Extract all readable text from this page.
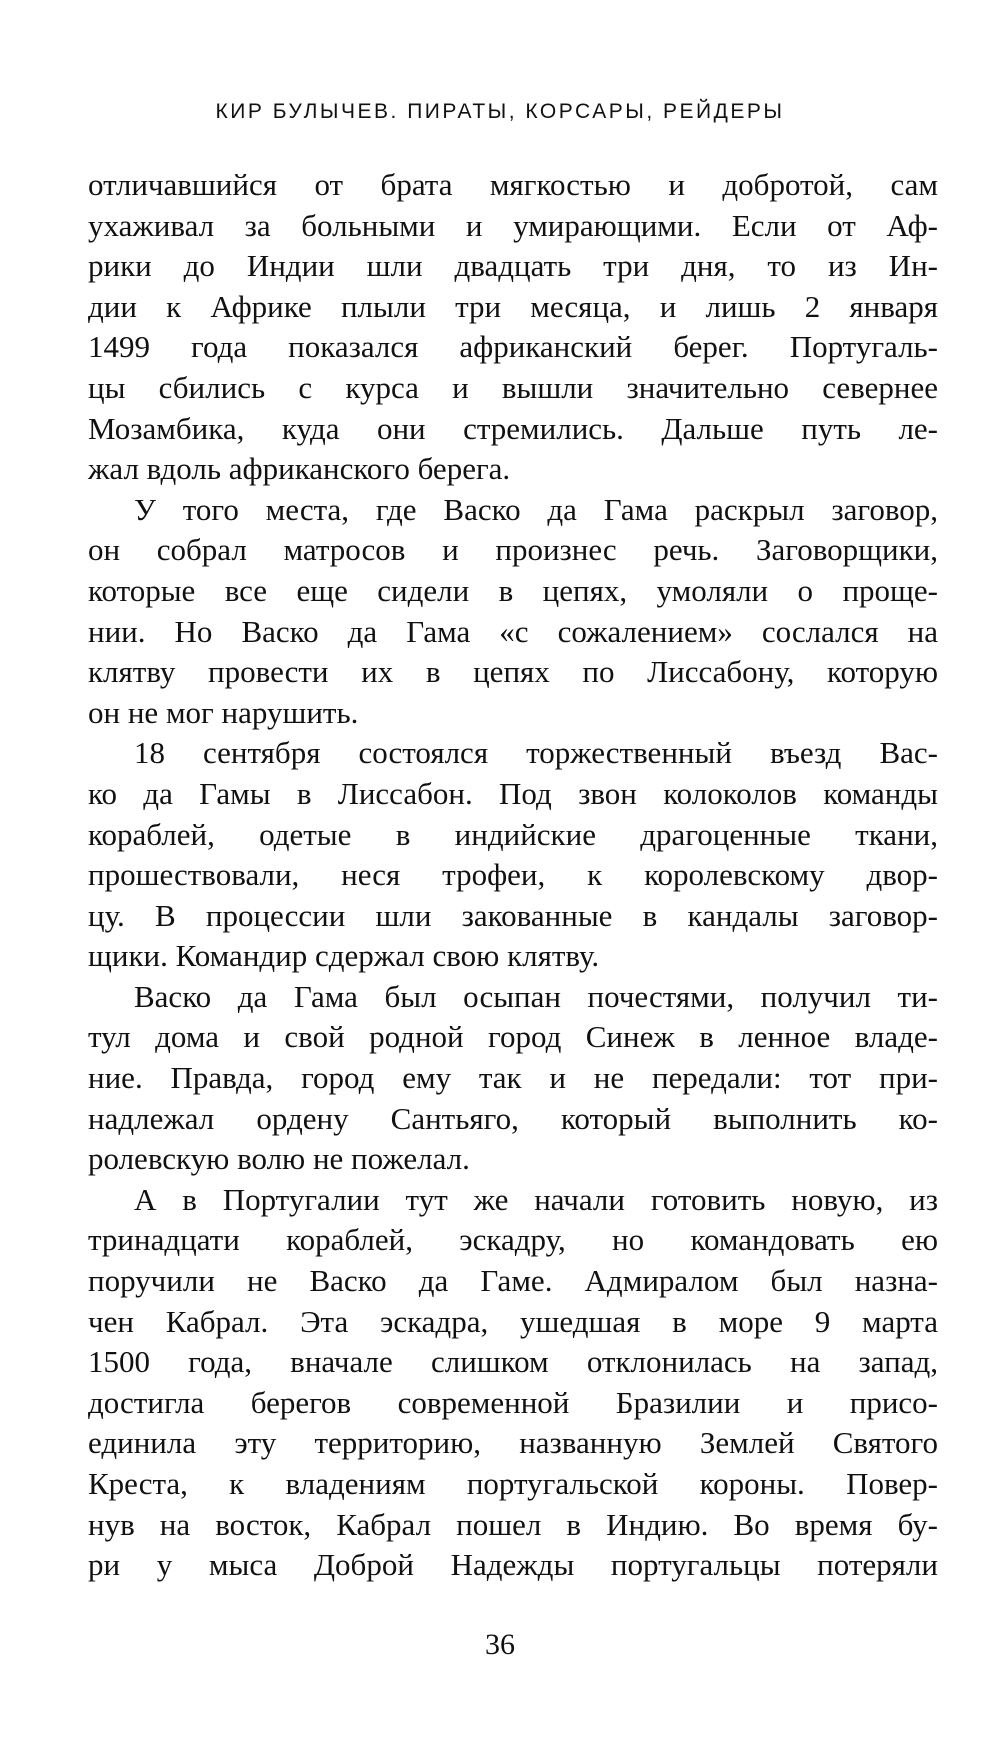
КИР БУЛЫЧЕВ. ПИРАТЫ, КОРСАРЫ, РЕЙДЕРЫ
отличавшийся от брата мягкостью и добротой, сам
ухаживал за больными и умирающими. Если от Аф-
рики до Индии шли двадцать три дня, то из Ин-
дии к Африке плыли три месяца, и лишь 2 января
1499 года показался африканский берег. Португаль-
цы сбились с курса и вышли значительно севернее
Мозамбика, куда они стремились. Дальше путь ле-
жал вдоль африканского берега.
У того места, где Васко да Гама раскрыл заговор,
он собрал матросов и произнес речь. Заговорщики,
которые все еще сидели в цепях, умоляли о проще-
нии. Но Васко да Гама «с сожалением» сослался на
клятву провести их в цепях по Лиссабону, которую
он не мог нарушить.
18 сентября состоялся торжественный въезд Вас-
ко да Гамы в Лиссабон. Под звон колоколов команды
кораблей, одетые в индийские драгоценные ткани,
прошествовали, неся трофеи, к королевскому двор-
цу. В процессии шли закованные в кандалы заговор-
щики. Командир сдержал свою клятву.
Васко да Гама был осыпан почестями, получил ти-
тул дома и свой родной город Синеж в ленное владе-
ние. Правда, город ему так и не передали: тот при-
надлежал ордену Сантьяго, который выполнить ко-
ролевскую волю не пожелал.
А в Португалии тут же начали готовить новую, из
тринадцати кораблей, эскадру, но командовать ею
поручили не Васко да Гаме. Адмиралом был назна-
чен Кабрал. Эта эскадра, ушедшая в море 9 марта
1500 года, вначале слишком отклонилась на запад,
достигла берегов современной Бразилии и присо-
единила эту территорию, названную Землей Святого
Креста, к владениям португальской короны. Повер-
нув на восток, Кабрал пошел в Индию. Во время бу-
ри у мыса Доброй Надежды португальцы потеряли
36
